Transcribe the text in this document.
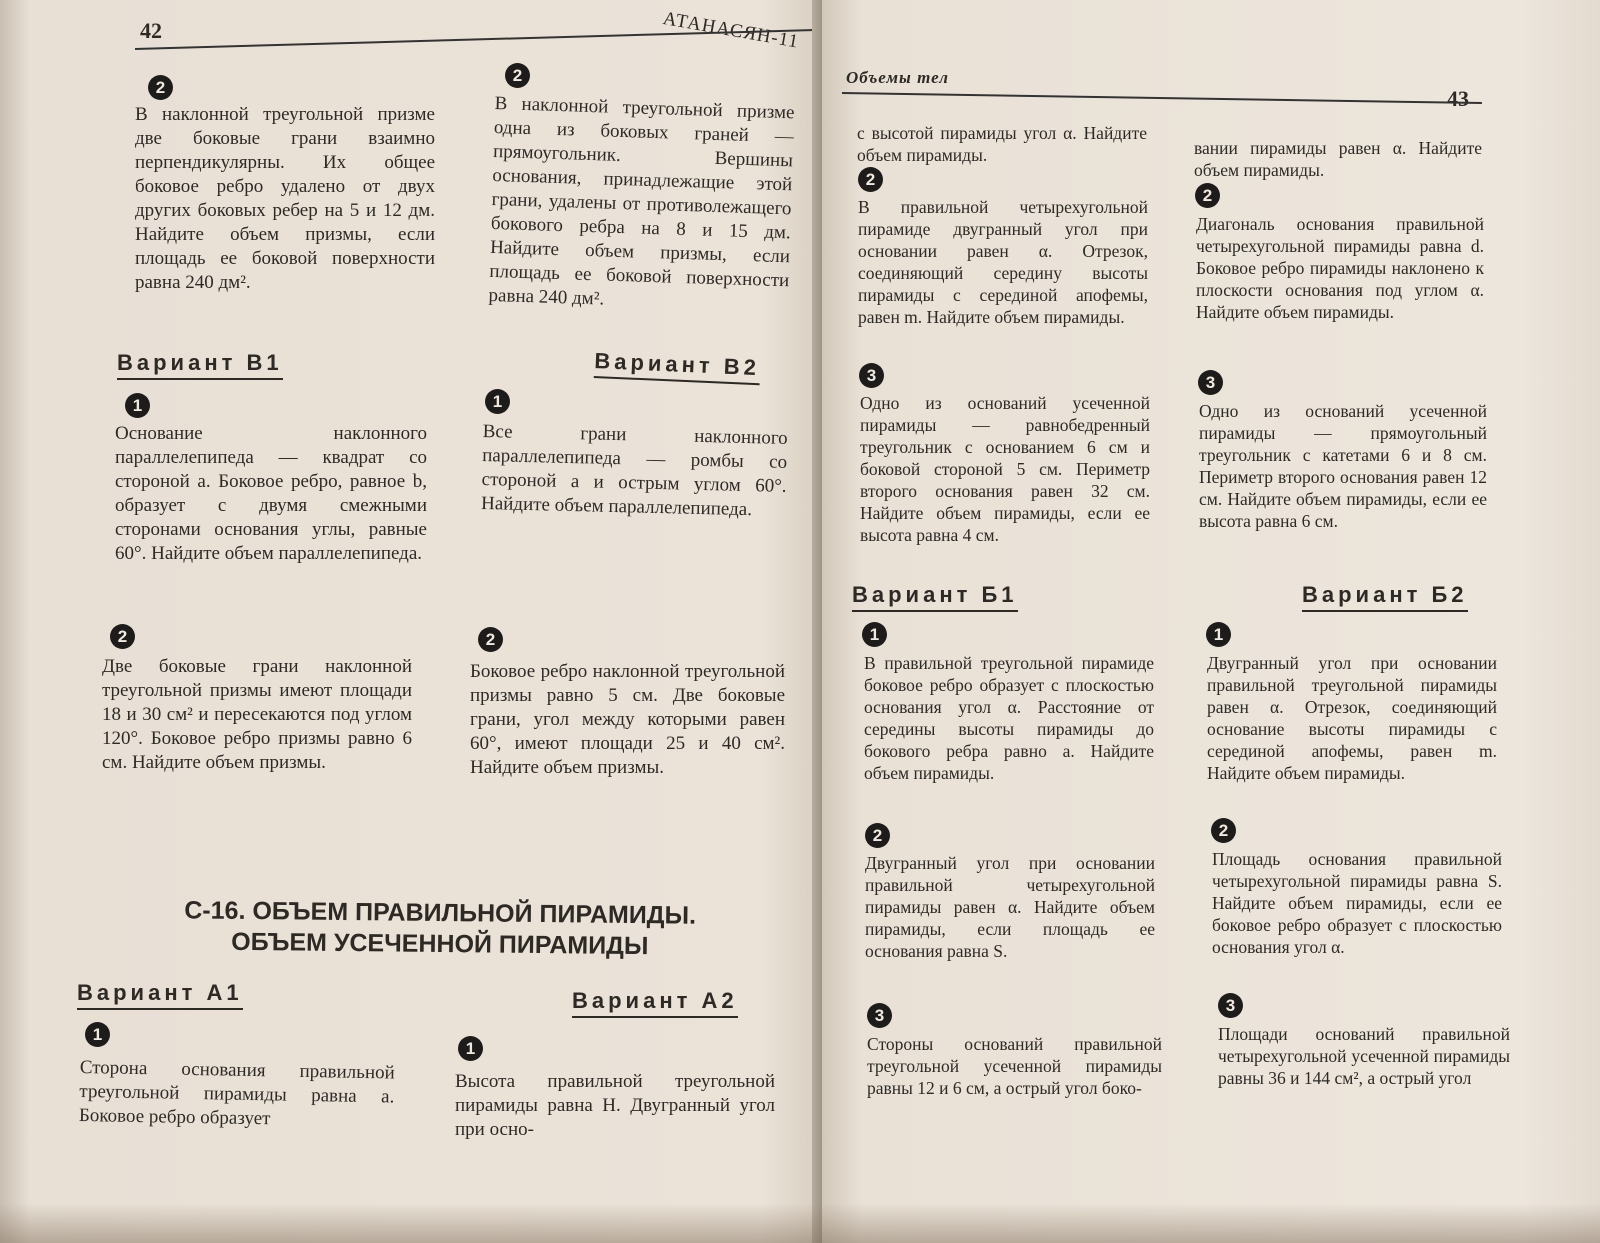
42	АТАНАСЯН-11
2
В наклонной треугольной призме две боковые грани взаимно перпендикулярны. Их общее боковое ребро удалено от двух других боковых ребер на 5 и 12 дм. Найдите объем призмы, если площадь ее боковой поверхности равна 240 дм².
2
В наклонной треугольной призме одна из боковых граней — прямоугольник. Вершины основания, принадлежащие этой грани, удалены от противолежащего бокового ребра на 8 и 15 дм. Найдите объем призмы, если площадь ее боковой поверхности равна 240 дм².
Вариант В1
1
Основание наклонного параллелепипеда — квадрат со стороной a. Боковое ребро, равное b, образует с двумя смежными сторонами основания углы, равные 60°. Найдите объем параллелепипеда.
2
Две боковые грани наклонной треугольной призмы имеют площади 18 и 30 см² и пересекаются под углом 120°. Боковое ребро призмы равно 6 см. Найдите объем призмы.
Вариант В2
1
Все грани наклонного параллелепипеда — ромбы со стороной a и острым углом 60°. Найдите объем параллелепипеда.
2
Боковое ребро наклонной треугольной призмы равно 5 см. Две боковые грани, угол между которыми равен 60°, имеют площади 25 и 40 см². Найдите объем призмы.
С-16. ОБЪЕМ ПРАВИЛЬНОЙ ПИРАМИДЫ.
ОБЪЕМ УСЕЧЕННОЙ ПИРАМИДЫ
Вариант А1
1
Сторона основания правильной треугольной пирамиды равна a. Боковое ребро образует
Вариант А2
1
Высота правильной треугольной пирамиды равна H. Двугранный угол при осно-
Объемы тел
43
с высотой пирамиды угол α. Найдите объем пирамиды.
2
В правильной четырехугольной пирамиде двугранный угол при основании равен α. Отрезок, соединяющий середину высоты пирамиды с серединой апофемы, равен m. Найдите объем пирамиды.
3
Одно из оснований усеченной пирамиды — равнобедренный треугольник с основанием 6 см и боковой стороной 5 см. Периметр второго основания равен 32 см. Найдите объем пирамиды, если ее высота равна 4 см.
вании пирамиды равен α. Найдите объем пирамиды.
2
Диагональ основания правильной четырехугольной пирамиды равна d. Боковое ребро пирамиды наклонено к плоскости основания под углом α. Найдите объем пирамиды.
3
Одно из оснований усеченной пирамиды — прямоугольный треугольник с катетами 6 и 8 см. Периметр второго основания равен 12 см. Найдите объем пирамиды, если ее высота равна 6 см.
Вариант Б1
1
В правильной треугольной пирамиде боковое ребро образует с плоскостью основания угол α. Расстояние от середины высоты пирамиды до бокового ребра равно a. Найдите объем пирамиды.
2
Двугранный угол при основании правильной четырехугольной пирамиды равен α. Найдите объем пирамиды, если площадь ее основания равна S.
3
Стороны оснований правильной треугольной усеченной пирамиды равны 12 и 6 см, а острый угол боко-
Вариант Б2
1
Двугранный угол при основании правильной треугольной пирамиды равен α. Отрезок, соединяющий основание высоты пирамиды с серединой апофемы, равен m. Найдите объем пирамиды.
2
Площадь основания правильной четырехугольной пирамиды равна S. Найдите объем пирамиды, если ее боковое ребро образует с плоскостью основания угол α.
3
Площади оснований правильной четырехугольной усеченной пирамиды равны 36 и 144 см², а острый угол
